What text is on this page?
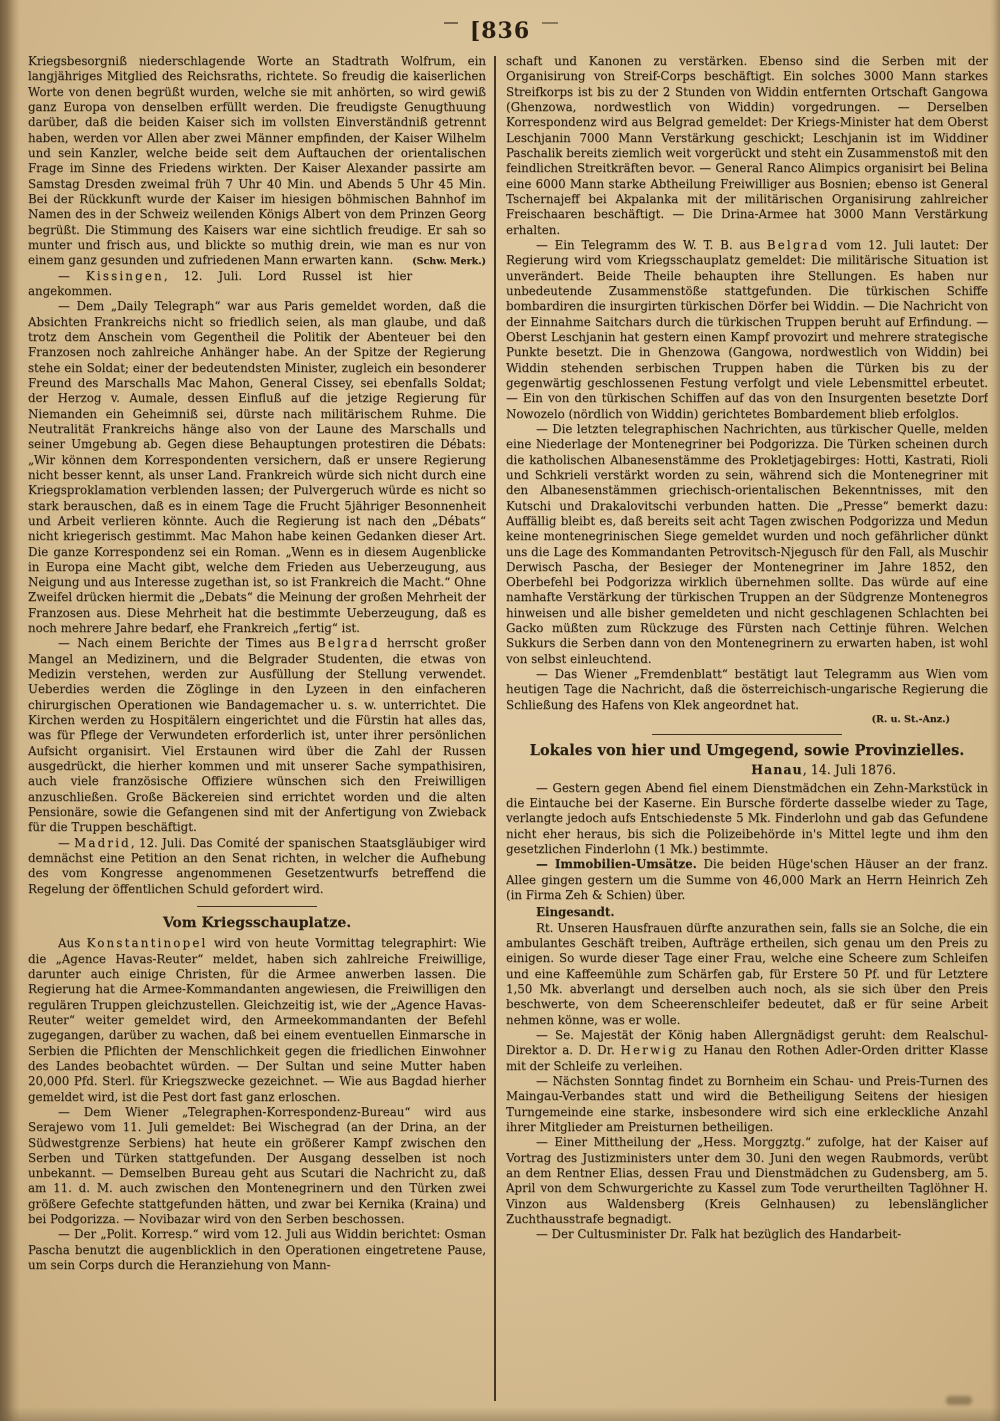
[836

Kriegsbesorgniß niederschlagende Worte an Stadtrath Wolfrum, ein langjähriges Mitglied des Reichsraths, richtete. So freudig die kaiserlichen Worte von denen begrüßt wurden, welche sie mit anhörten, so wird gewiß ganz Europa von denselben erfüllt werden. Die freudigste Genugthuung darüber, daß die beiden Kaiser sich im vollsten Einverständniß getrennt haben, werden vor Allen aber zwei Männer empfinden, der Kaiser Wilhelm und sein Kanzler, welche beide seit dem Auftauchen der orientalischen Frage im Sinne des Friedens wirkten. Der Kaiser Alexander passirte am Samstag Dresden zweimal früh 7 Uhr 40 Min. und Abends 5 Uhr 45 Min. Bei der Rückkunft wurde der Kaiser im hiesigen böhmischen Bahnhof im Namen des in der Schweiz weilenden Königs Albert von dem Prinzen Georg begrüßt. Die Stimmung des Kaisers war eine sichtlich freudige. Er sah so munter und frisch aus, und blickte so muthig drein, wie man es nur von einem ganz gesunden und zufriedenen Mann erwarten kann. (Schw. Merk.)

— Kissingen, 12. Juli. Lord Russel ist hier angekommen.

— Dem „Daily Telegraph“ war aus Paris gemeldet worden, daß die Absichten Frankreichs nicht so friedlich seien, als man glaube, und daß trotz dem Anschein vom Gegentheil die Politik der Abenteuer bei den Franzosen noch zahlreiche Anhänger habe. An der Spitze der Regierung stehe ein Soldat; einer der bedeutendsten Minister, zugleich ein besonderer Freund des Marschalls Mac Mahon, General Cissey, sei ebenfalls Soldat; der Herzog v. Aumale, dessen Einfluß auf die jetzige Regierung für Niemanden ein Geheimniß sei, dürste nach militärischem Ruhme. Die Neutralität Frankreichs hänge also von der Laune des Marschalls und seiner Umgebung ab. Gegen diese Behauptungen protestiren die Débats: „Wir können dem Korrespondenten versichern, daß er unsere Regierung nicht besser kennt, als unser Land. Frankreich würde sich nicht durch eine Kriegsproklamation verblenden lassen; der Pulvergeruch würde es nicht so stark berauschen, daß es in einem Tage die Frucht 5jähriger Besonnenheit und Arbeit verlieren könnte. Auch die Regierung ist nach den „Débats“ nicht kriegerisch gestimmt. Mac Mahon habe keinen Gedanken dieser Art. Die ganze Korrespondenz sei ein Roman. „Wenn es in diesem Augenblicke in Europa eine Macht gibt, welche dem Frieden aus Ueberzeugung, aus Neigung und aus Interesse zugethan ist, so ist Frankreich die Macht.“ Ohne Zweifel drücken hiermit die „Debats“ die Meinung der großen Mehrheit der Franzosen aus. Diese Mehrheit hat die bestimmte Ueberzeugung, daß es noch mehrere Jahre bedarf, ehe Frankreich „fertig“ ist.

— Nach einem Berichte der Times aus Belgrad herrscht großer Mangel an Medizinern, und die Belgrader Studenten, die etwas von Medizin verstehen, werden zur Ausfüllung der Stellung verwendet. Ueberdies werden die Zöglinge in den Lyzeen in den einfacheren chirurgischen Operationen wie Bandagemacher u. s. w. unterrichtet. Die Kirchen werden zu Hospitälern eingerichtet und die Fürstin hat alles das, was für Pflege der Verwundeten erforderlich ist, unter ihrer persönlichen Aufsicht organisirt. Viel Erstaunen wird über die Zahl der Russen ausgedrückt, die hierher kommen und mit unserer Sache sympathisiren, auch viele französische Offiziere wünschen sich den Freiwilligen anzuschließen. Große Bäckereien sind errichtet worden und die alten Pensionäre, sowie die Gefangenen sind mit der Anfertigung von Zwieback für die Truppen beschäftigt.

— Madrid, 12. Juli. Das Comité der spanischen Staatsgläubiger wird demnächst eine Petition an den Senat richten, in welcher die Aufhebung des vom Kongresse angenommenen Gesetzentwurfs betreffend die Regelung der öffentlichen Schuld gefordert wird.

Vom Kriegsschauplatze.

Aus Konstantinopel wird von heute Vormittag telegraphirt: Wie die „Agence Havas-Reuter“ meldet, haben sich zahlreiche Freiwillige, darunter auch einige Christen, für die Armee anwerben lassen. Die Regierung hat die Armee-Kommandanten angewiesen, die Freiwilligen den regulären Truppen gleichzustellen. Gleichzeitig ist, wie der „Agence Havas-Reuter“ weiter gemeldet wird, den Armeekommandanten der Befehl zugegangen, darüber zu wachen, daß bei einem eventuellen Einmarsche in Serbien die Pflichten der Menschlichkeit gegen die friedlichen Einwohner des Landes beobachtet würden. — Der Sultan und seine Mutter haben 20,000 Pfd. Sterl. für Kriegszwecke gezeichnet. — Wie aus Bagdad hierher gemeldet wird, ist die Pest dort fast ganz erloschen.

— Dem Wiener „Telegraphen-Korrespondenz-Bureau“ wird aus Serajewo vom 11. Juli gemeldet: Bei Wischegrad (an der Drina, an der Südwestgrenze Serbiens) hat heute ein größerer Kampf zwischen den Serben und Türken stattgefunden. Der Ausgang desselben ist noch unbekannt. — Demselben Bureau geht aus Scutari die Nachricht zu, daß am 11. d. M. auch zwischen den Montenegrinern und den Türken zwei größere Gefechte stattgefunden hätten, und zwar bei Kernika (Kraina) und bei Podgorizza. — Novibazar wird von den Serben beschossen.

— Der „Polit. Korresp.“ wird vom 12. Juli aus Widdin berichtet: Osman Pascha benutzt die augenblicklich in den Operationen eingetretene Pause, um sein Corps durch die Heranziehung von Mann-

schaft und Kanonen zu verstärken. Ebenso sind die Serben mit der Organisirung von Streif-Corps beschäftigt. Ein solches 3000 Mann starkes Streifkorps ist bis zu der 2 Stunden von Widdin entfernten Ortschaft Gangowa (Ghenzowa, nordwestlich von Widdin) vorgedrungen. — Derselben Korrespondenz wird aus Belgrad gemeldet: Der Kriegs-Minister hat dem Oberst Leschjanin 7000 Mann Verstärkung geschickt; Leschjanin ist im Widdiner Paschalik bereits ziemlich weit vorgerückt und steht ein Zusammenstoß mit den feindlichen Streitkräften bevor. — General Ranco Alimpics organisirt bei Belina eine 6000 Mann starke Abtheilung Freiwilliger aus Bosnien; ebenso ist General Tschernajeff bei Akpalanka mit der militärischen Organisirung zahlreicher Freischaaren beschäftigt. — Die Drina-Armee hat 3000 Mann Verstärkung erhalten.

— Ein Telegramm des W. T. B. aus Belgrad vom 12. Juli lautet: Der Regierung wird vom Kriegsschauplatz gemeldet: Die militärische Situation ist unverändert. Beide Theile behaupten ihre Stellungen. Es haben nur unbedeutende Zusammenstöße stattgefunden. Die türkischen Schiffe bombardiren die insurgirten türkischen Dörfer bei Widdin. — Die Nachricht von der Einnahme Saitchars durch die türkischen Truppen beruht auf Erfindung. — Oberst Leschjanin hat gestern einen Kampf provozirt und mehrere strategische Punkte besetzt. Die in Ghenzowa (Gangowa, nordwestlich von Widdin) bei Widdin stehenden serbischen Truppen haben die Türken bis zu der gegenwärtig geschlossenen Festung verfolgt und viele Lebensmittel erbeutet. — Ein von den türkischen Schiffen auf das von den Insurgenten besetzte Dorf Nowozelo (nördlich von Widdin) gerichtetes Bombardement blieb erfolglos.

— Die letzten telegraphischen Nachrichten, aus türkischer Quelle, melden eine Niederlage der Montenegriner bei Podgorizza. Die Türken scheinen durch die katholischen Albanesenstämme des Prokletjagebirges: Hotti, Kastrati, Rioli und Schkrieli verstärkt worden zu sein, während sich die Montenegriner mit den Albanesenstämmen griechisch-orientalischen Bekenntnisses, mit den Kutschi und Drakalovitschi verbunden hatten. Die „Presse“ bemerkt dazu: Auffällig bleibt es, daß bereits seit acht Tagen zwischen Podgorizza und Medun keine montenegrinischen Siege gemeldet wurden und noch gefährlicher dünkt uns die Lage des Kommandanten Petrovitsch-Njegusch für den Fall, als Muschir Derwisch Pascha, der Besieger der Montenegriner im Jahre 1852, den Oberbefehl bei Podgorizza wirklich übernehmen sollte. Das würde auf eine namhafte Verstärkung der türkischen Truppen an der Südgrenze Montenegros hinweisen und alle bisher gemeldeten und nicht geschlagenen Schlachten bei Gacko müßten zum Rückzuge des Fürsten nach Cettinje führen. Welchen Sukkurs die Serben dann von den Montenegrinern zu erwarten haben, ist wohl von selbst einleuchtend.

— Das Wiener „Fremdenblatt“ bestätigt laut Telegramm aus Wien vom heutigen Tage die Nachricht, daß die österreichisch-ungarische Regierung die Schließung des Hafens von Klek angeordnet hat.

(R. u. St.-Anz.)
Lokales von hier und Umgegend, sowie Provinzielles.
Hanau, 14. Juli 1876.

— Gestern gegen Abend fiel einem Dienstmädchen ein Zehn-Markstück in die Eintauche bei der Kaserne. Ein Bursche förderte dasselbe wieder zu Tage, verlangte jedoch aufs Entschiedenste 5 Mk. Finderlohn und gab das Gefundene nicht eher heraus, bis sich die Polizeibehörde in's Mittel legte und ihm den gesetzlichen Finderlohn (1 Mk.) bestimmte.

— Immobilien-Umsätze. Die beiden Hüge'schen Häuser an der franz. Allee gingen gestern um die Summe von 46,000 Mark an Herrn Heinrich Zeh (in Firma Zeh & Schien) über.

Eingesandt.

Rt. Unseren Hausfrauen dürfte anzurathen sein, falls sie an Solche, die ein ambulantes Geschäft treiben, Aufträge ertheilen, sich genau um den Preis zu einigen. So wurde dieser Tage einer Frau, welche eine Scheere zum Schleifen und eine Kaffeemühle zum Schärfen gab, für Erstere 50 Pf. und für Letztere 1,50 Mk. abverlangt und derselben auch noch, als sie sich über den Preis beschwerte, von dem Scheerenschleifer bedeutet, daß er für seine Arbeit nehmen könne, was er wolle.

— Se. Majestät der König haben Allergnädigst geruht: dem Realschul-Direktor a. D. Dr. Herwig zu Hanau den Rothen Adler-Orden dritter Klasse mit der Schleife zu verleihen.

— Nächsten Sonntag findet zu Bornheim ein Schau- und Preis-Turnen des Maingau-Verbandes statt und wird die Betheiligung Seitens der hiesigen Turngemeinde eine starke, insbesondere wird sich eine erkleckliche Anzahl ihrer Mitglieder am Preisturnen betheiligen.

— Einer Mittheilung der „Hess. Morggztg.“ zufolge, hat der Kaiser auf Vortrag des Justizministers unter dem 30. Juni den wegen Raubmords, verübt an dem Rentner Elias, dessen Frau und Dienstmädchen zu Gudensberg, am 5. April von dem Schwurgerichte zu Kassel zum Tode verurtheilten Taglöhner H. Vinzon aus Waldensberg (Kreis Gelnhausen) zu lebenslänglicher Zuchthausstrafe begnadigt.

— Der Cultusminister Dr. Falk hat bezüglich des Handarbeit-
